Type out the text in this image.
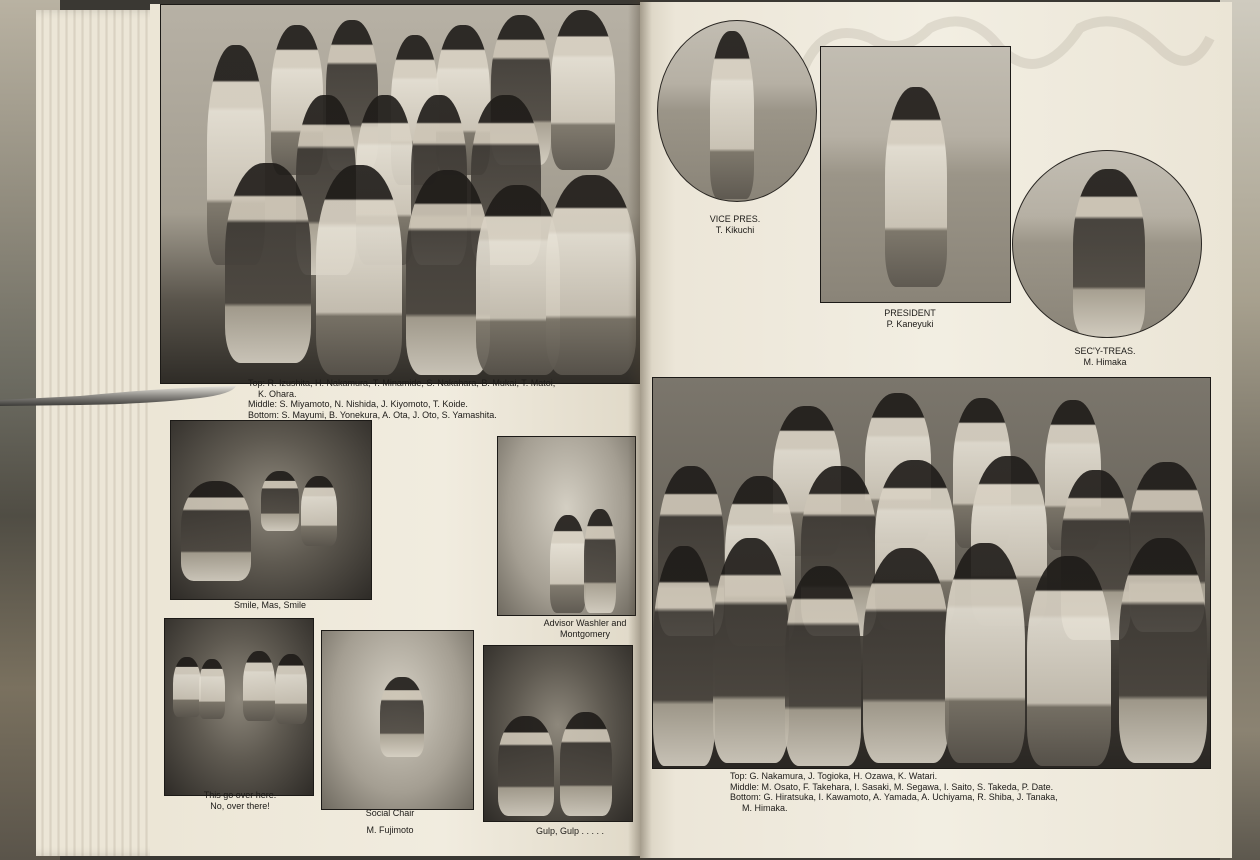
Top: R. Izushita, H. Nakamura, T. Minamide, S. Nakahara, B. Mukai, T. Matoi,
K. Ohara.
Middle: S. Miyamoto, N. Nishida, J. Kiyomoto, T. Koide.
Bottom: S. Mayumi, B. Yonekura, A. Ota, J. Oto, S. Yamashita.
Smile, Mas, Smile
Advisor Washler and
Montgomery
This go over here.
No, over there!
Social Chair
M. Fujimoto	Gulp, Gulp . . . . .
VICE PRES.
T. Kikuchi
PRESIDENT
P. Kaneyuki
SEC'Y-TREAS.
M. Himaka
Top: G. Nakamura, J. Togioka, H. Ozawa, K. Watari.
Middle: M. Osato, F. Takehara, I. Sasaki, M. Segawa, I. Saito, S. Takeda, P. Date.
Bottom: G. Hiratsuka, I. Kawamoto, A. Yamada, A. Uchiyama, R. Shiba, J. Tanaka,
M. Himaka.
